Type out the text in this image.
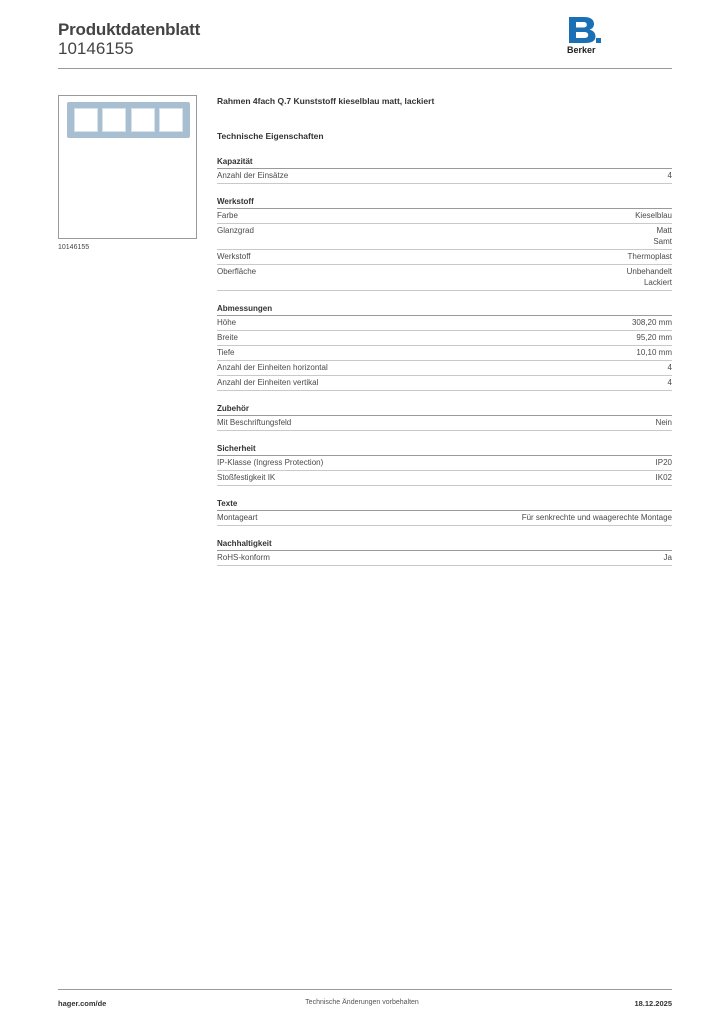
Produktdatenblatt
10146155	Berker
10146155
Rahmen 4fach Q.7 Kunststoff kieselblau matt, lackiert
Technische Eigenschaften
Kapazität
Anzahl der Einsätze	4
Werkstoff
Farbe	Kieselblau
Glanzgrad	Matt
Samt
Werkstoff	Thermoplast
Oberfläche	Unbehandelt
Lackiert
Abmessungen
Höhe	308,20 mm
Breite	95,20 mm
Tiefe	10,10 mm
Anzahl der Einheiten horizontal	4
Anzahl der Einheiten vertikal	4
Zubehör
Mit Beschriftungsfeld	Nein
Sicherheit
IP-Klasse (Ingress Protection)	IP20
Stoßfestigkeit IK	IK02
Texte
Montageart	Für senkrechte und waagerechte Montage
Nachhaltigkeit
RoHS-konform	Ja
hager.com/de	Technische Änderungen vorbehalten	18.12.2025
